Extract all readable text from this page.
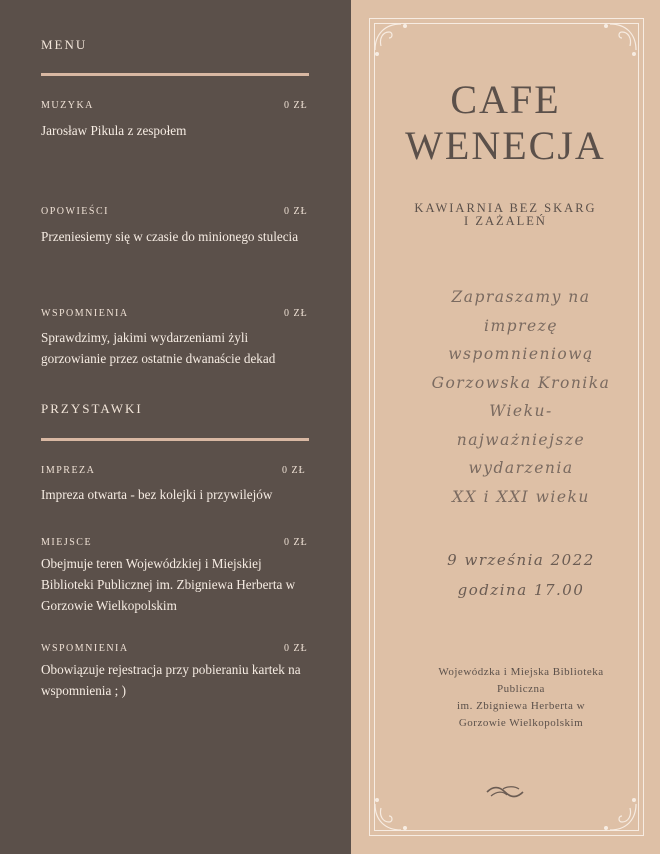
MENU
MUZYKA	0 ZŁ
Jarosław Pikula z zespołem
OPOWIEŚCI	0 ZŁ
Przeniesiemy się w czasie do minionego stulecia
WSPOMNIENIA	0 ZŁ
Sprawdzimy, jakimi wydarzeniami żyli gorzowianie przez ostatnie dwanaście dekad
PRZYSTAWKI
IMPREZA	0 ZŁ
Impreza otwarta - bez kolejki i przywilejów
MIEJSCE	0 ZŁ
Obejmuje teren Wojewódzkiej i Miejskiej Biblioteki Publicznej im. Zbigniewa Herberta w Gorzowie Wielkopolskim
WSPOMNIENIA	0 ZŁ
Obowiązuje rejestracja przy pobieraniu kartek na wspomnienia ; )
CAFE
WENECJA
KAWIARNIA BEZ SKARG
I ZAŻALEŃ
Zapraszamy na
imprezę
wspomnieniową
Gorzowska Kronika
Wieku-
najważniejsze
wydarzenia
XX i XXI wieku
9 września 2022
godzina 17.00
Wojewódzka i Miejska Biblioteka
Publiczna
im. Zbigniewa Herberta w
Gorzowie Wielkopolskim
